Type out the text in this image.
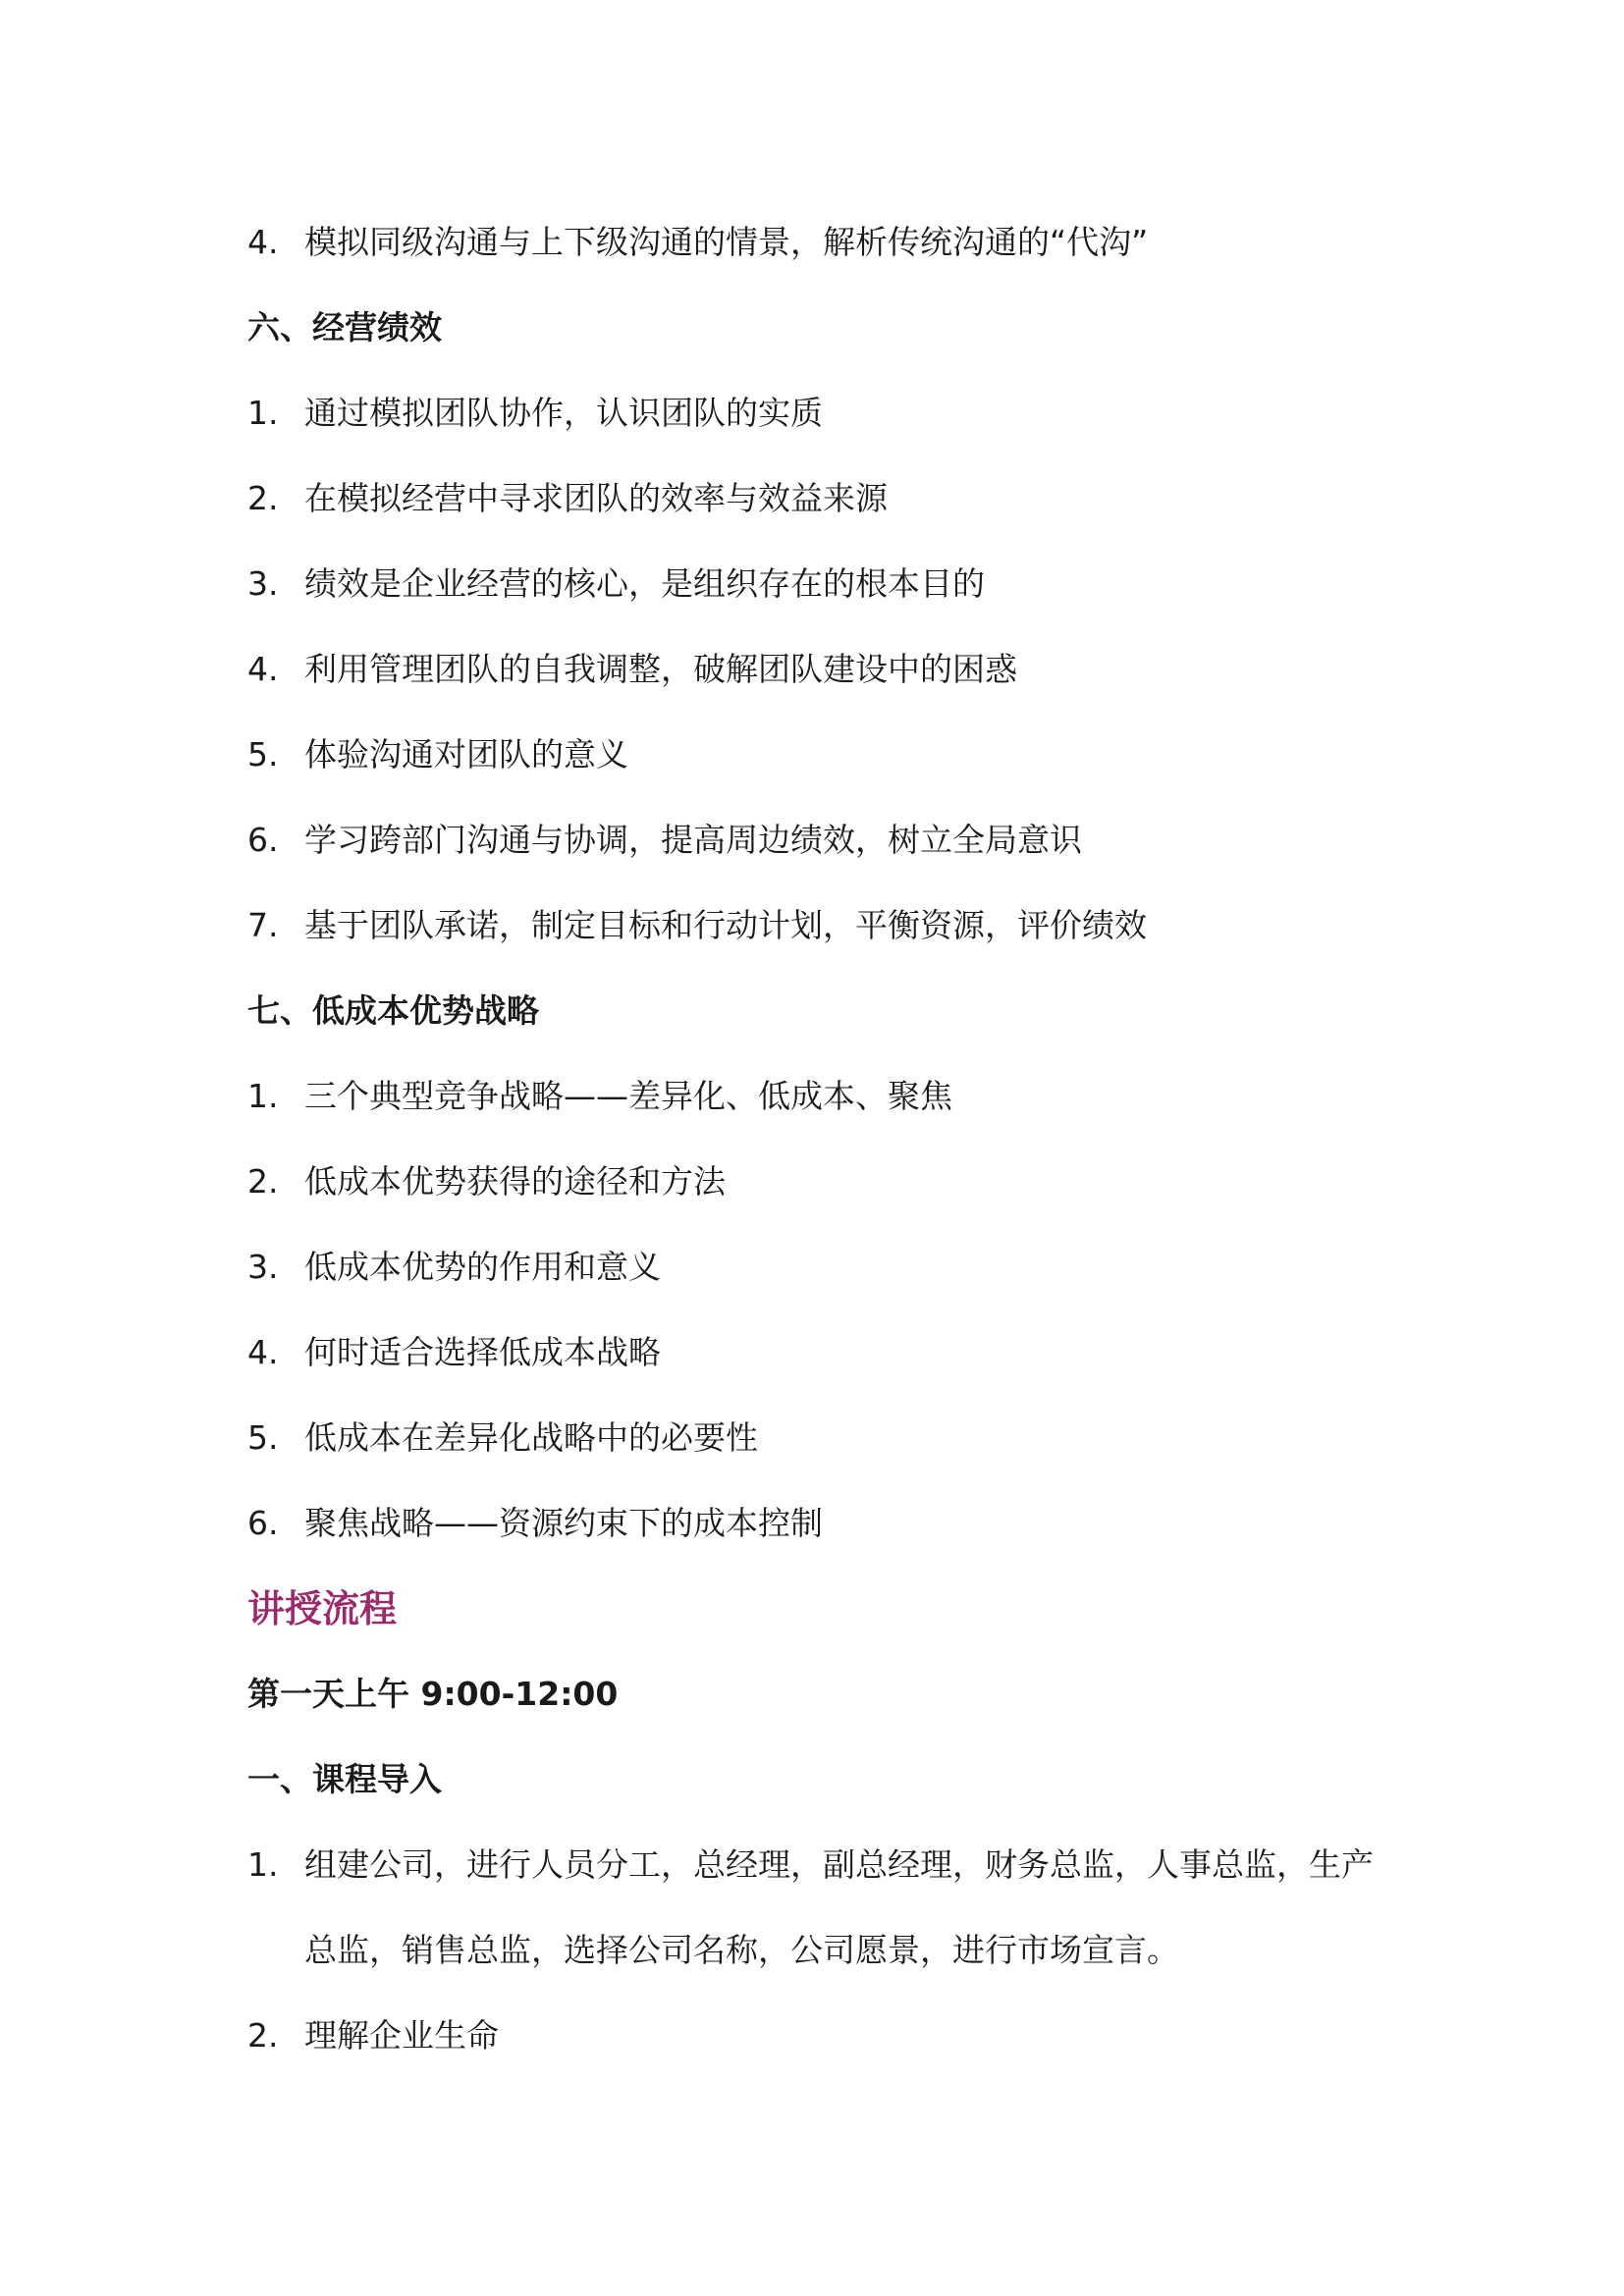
4. 模拟同级沟通与上下级沟通的情景，解析传统沟通的“代沟”
六、经营绩效
1. 通过模拟团队协作，认识团队的实质
2. 在模拟经营中寻求团队的效率与效益来源
3. 绩效是企业经营的核心，是组织存在的根本目的
4. 利用管理团队的自我调整，破解团队建设中的困惑
5. 体验沟通对团队的意义
6. 学习跨部门沟通与协调，提高周边绩效，树立全局意识
7. 基于团队承诺，制定目标和行动计划，平衡资源，评价绩效
七、低成本优势战略
1. 三个典型竞争战略——差异化、低成本、聚焦
2. 低成本优势获得的途径和方法
3. 低成本优势的作用和意义
4. 何时适合选择低成本战略
5. 低成本在差异化战略中的必要性
6. 聚焦战略——资源约束下的成本控制
讲授流程
第一天上午 9:00-12:00
一、课程导入
1. 组建公司，进行人员分工，总经理，副总经理，财务总监，人事总监，生产
总监，销售总监，选择公司名称，公司愿景，进行市场宣言。
2. 理解企业生命
